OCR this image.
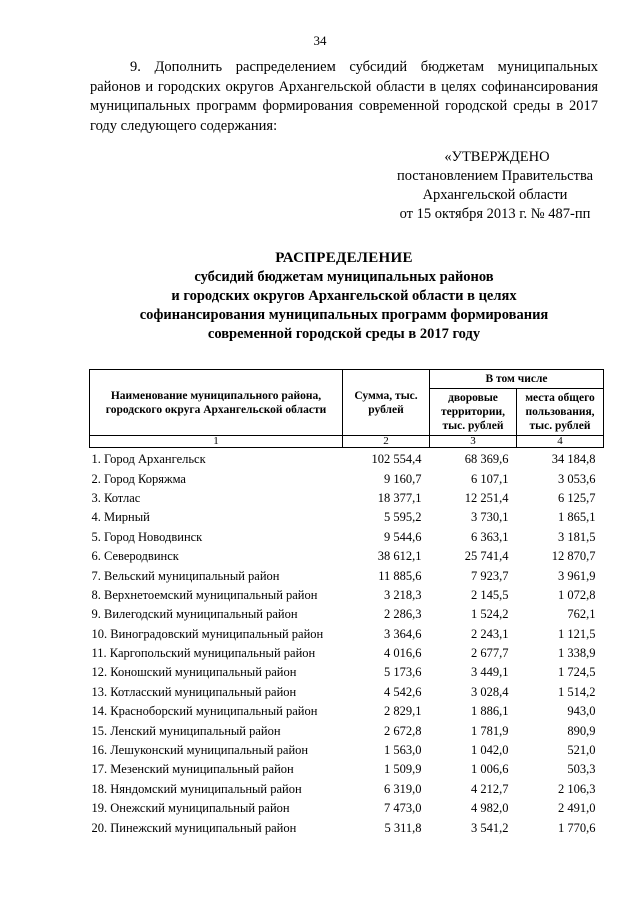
34

9. Дополнить распределением субсидий бюджетам муниципальных районов и городских округов Архангельской области в целях софинансирования муниципальных программ формирования современной городской среды в 2017 году следующего содержания:

«УТВЕРЖДЕНО
постановлением Правительства
Архангельской области
от 15 октября 2013 г. № 487-пп
РАСПРЕДЕЛЕНИЕ
субсидий бюджетам муниципальных районов
и городских округов Архангельской области в целях
софинансирования муниципальных программ формирования
современной городской среды в 2017 году
Наименование муниципального района, городского округа Архангельской области	Сумма, тыс. рублей	В том числе	
		дворовые территории, тыс. рублей	места общего пользования, тыс. рублей
1	2	3	4
1. Город Архангельск	102 554,4	68 369,6	34 184,8
2. Город Коряжма	9 160,7	6 107,1	3 053,6
3. Котлас	18 377,1	12 251,4	6 125,7
4. Мирный	5 595,2	3 730,1	1 865,1
5. Город Новодвинск	9 544,6	6 363,1	3 181,5
6. Северодвинск	38 612,1	25 741,4	12 870,7
7. Вельский муниципальный район	11 885,6	7 923,7	3 961,9
8. Верхнетоемский муниципальный район	3 218,3	2 145,5	1 072,8
9. Вилегодский муниципальный район	2 286,3	1 524,2	762,1
10. Виноградовский муниципальный район	3 364,6	2 243,1	1 121,5
11. Каргопольский муниципальный район	4 016,6	2 677,7	1 338,9
12. Коношский муниципальный район	5 173,6	3 449,1	1 724,5
13. Котласский муниципальный район	4 542,6	3 028,4	1 514,2
14. Красноборский муниципальный район	2 829,1	1 886,1	943,0
15. Ленский муниципальный район	2 672,8	1 781,9	890,9
16. Лешуконский муниципальный район	1 563,0	1 042,0	521,0
17. Мезенский муниципальный район	1 509,9	1 006,6	503,3
18. Няндомский муниципальный район	6 319,0	4 212,7	2 106,3
19. Онежский муниципальный район	7 473,0	4 982,0	2 491,0
20. Пинежский муниципальный район	5 311,8	3 541,2	1 770,6
